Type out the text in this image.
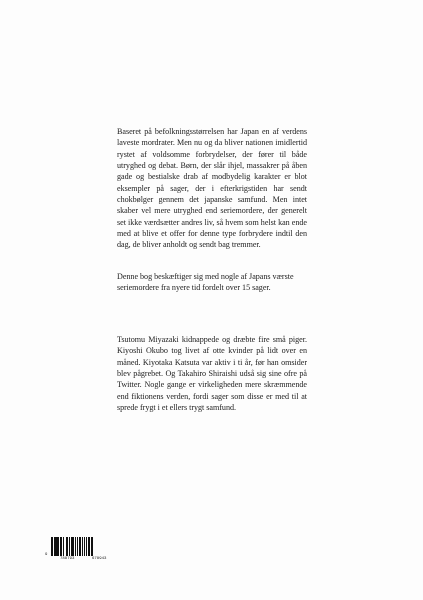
Baseret på befolkningsstørrelsen har Japan en af verdens laveste mordrater. Men nu og da bliver nationen imidlertid rystet af voldsomme forbrydelser, der fører til både utryghed og debat. Børn, der slår ihjel, massakrer på åben gade og bestialske drab af modbydelig karakter er blot eksempler på sager, der i efterkrigstiden har sendt chokbølger gennem det japanske samfund. Men intet skaber vel mere utryghed end seriemordere, der generelt set ikke værdsætter andres liv, så hvem som helst kan ende med at blive et offer for denne type forbrydere indtil den dag, de bliver anholdt og sendt bag tremmer.

Denne bog beskæftiger sig med nogle af Japans værste seriemordere fra nyere tid fordelt over 15 sager.

Tsutomu Miyazaki kidnappede og dræbte fire små piger. Kiyoshi Okubo tog livet af otte kvinder på lidt over en måned. Kiyotaka Katsuta var aktiv i ti år, før han omsider blev pågrebet. Og Takahiro Shiraishi udså sig sine ofre på Twitter. Nogle gange er virkeligheden mere skræmmende end fiktionens verden, fordi sager som disse er med til at sprede frygt i et ellers trygt samfund.

9
788793	678943
